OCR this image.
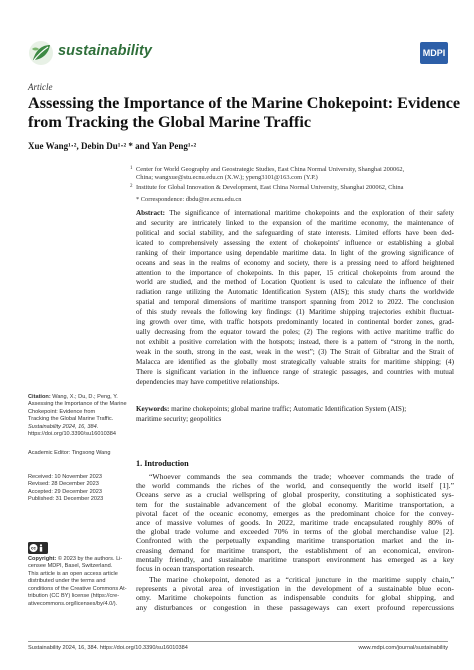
sustainability	MDPI
Article
Assessing the Importance of the Marine Chokepoint: Evidence
from Tracking the Global Marine Traffic
Xue Wang¹·², Debin Du¹·² * and Yan Peng¹·²
1 Center for World Geography and Geostrategic Studies, East China Normal University, Shanghai 200062,
China; wangxue@stu.ecnu.edu.cn (X.W.); ypeng3101@163.com (Y.P.)
2 Institute for Global Innovation & Development, East China Normal University, Shanghai 200062, China
* Correspondence: dbdu@re.ecnu.edu.cn
Abstract: The significance of international maritime chokepoints and the exploration of their safety
and security are intricately linked to the expansion of the maritime economy, the maintenance of
political and social stability, and the safeguarding of state interests. Limited efforts have been ded-
icated to comprehensively assessing the extent of chokepoints' influence or establishing a global
ranking of their importance using dependable maritime data. In light of the growing significance of
oceans and seas in the realms of economy and society, there is a pressing need to afford heightened
attention to the importance of chokepoints. In this paper, 15 critical chokepoints from around the
world are studied, and the method of Location Quotient is used to calculate the influence of their
radiation range utilizing the Automatic Identification System (AIS); this study charts the worldwide
spatial and temporal dimensions of maritime transport spanning from 2012 to 2022. The conclusion
of this study reveals the following key findings: (1) Maritime shipping trajectories exhibit fluctuat-
ing growth over time, with traffic hotspots predominantly located in continental border zones, grad-
ually decreasing from the equator toward the poles; (2) The regions with active maritime traffic do
not exhibit a positive correlation with the hotspots; instead, there is a pattern of “strong in the north,
weak in the south, strong in the east, weak in the west”; (3) The Strait of Gibraltar and the Strait of
Malacca are identified as the globally most strategically valuable straits for maritime shipping; (4)
There is significant variation in the influence range of strategic passages, and countries with mutual
dependencies may have competitive relationships.
Keywords: marine chokepoints; global marine traffic; Automatic Identification System (AIS);
maritime security; geopolitics
Citation: Wang, X.; Du, D.; Peng, Y.
Assessing the Importance of the Marine
Chokepoint: Evidence from
Tracking the Global Marine Traffic.
Sustainability 2024, 16, 384.
https://doi.org/10.3390/su16010384
Academic Editor: Tingsong Wang
Received: 10 November 2023
Revised: 28 December 2023
Accepted: 29 December 2023
Published: 31 December 2023
cc
Copyright: © 2023 by the authors. Li-
censee MDPI, Basel, Switzerland.
This article is an open access article
distributed under the terms and
conditions of the Creative Commons At-
tribution (CC BY) license (https://cre-
ativecommons.org/licenses/by/4.0/).
1. Introduction
“Whoever commands the sea commands the trade; whoever commands the trade of
the world commands the riches of the world, and consequently the world itself [1].”
Oceans serve as a crucial wellspring of global prosperity, constituting a sophisticated sys-
tem for the sustainable advancement of the global economy. Maritime transportation, a
pivotal facet of the oceanic economy, emerges as the predominant choice for the convey-
ance of massive volumes of goods. In 2022, maritime trade encapsulated roughly 80% of
the global trade volume and exceeded 70% in terms of the global merchandise value [2].
Confronted with the perpetually expanding maritime transportation market and the in-
creasing demand for maritime transport, the establishment of an economical, environ-
mentally friendly, and sustainable maritime transport environment has emerged as a key
focus in ocean transportation research.
The marine chokepoint, denoted as a “critical juncture in the maritime supply chain,”
represents a pivotal area of investigation in the development of a sustainable blue econ-
omy. Maritime chokepoints function as indispensable conduits for global shipping, and
any disturbances or congestion in these passageways can exert profound repercussions
Sustainability 2024, 16, 384. https://doi.org/10.3390/su16010384	www.mdpi.com/journal/sustainability
